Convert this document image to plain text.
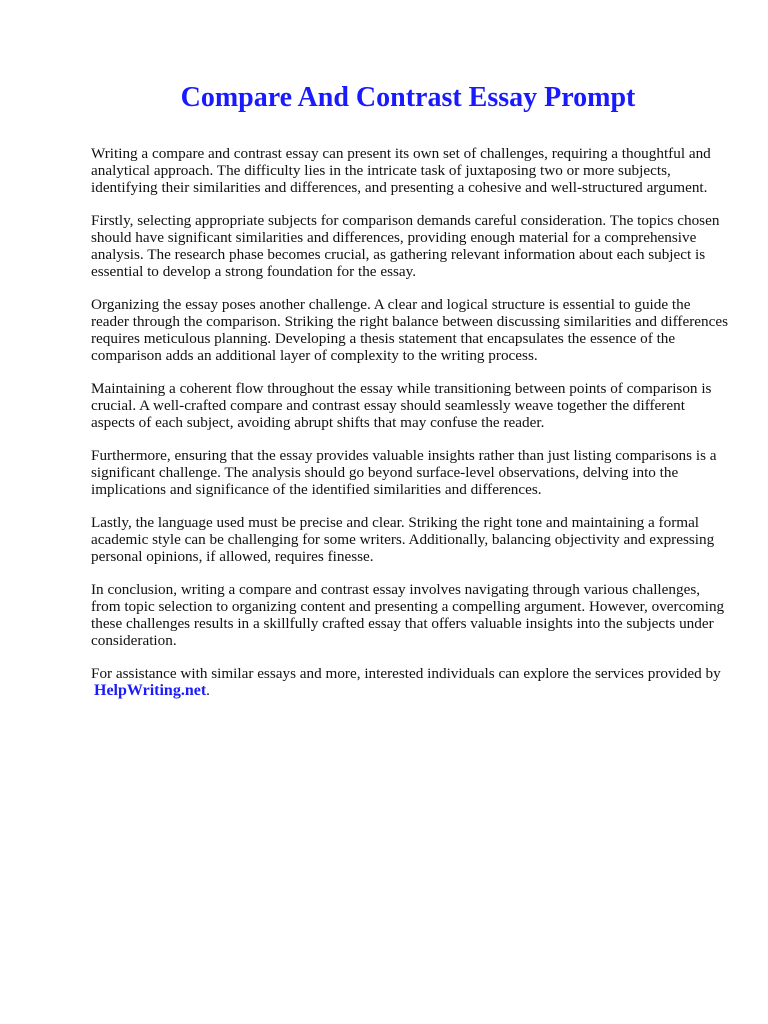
Compare And Contrast Essay Prompt

Writing a compare and contrast essay can present its own set of challenges, requiring a thoughtful and analytical approach. The difficulty lies in the intricate task of juxtaposing two or more subjects, identifying their similarities and differences, and presenting a cohesive and well-structured argument.

Firstly, selecting appropriate subjects for comparison demands careful consideration. The topics chosen should have significant similarities and differences, providing enough material for a comprehensive analysis. The research phase becomes crucial, as gathering relevant information about each subject is essential to develop a strong foundation for the essay.

Organizing the essay poses another challenge. A clear and logical structure is essential to guide the reader through the comparison. Striking the right balance between discussing similarities and differences requires meticulous planning. Developing a thesis statement that encapsulates the essence of the comparison adds an additional layer of complexity to the writing process.

Maintaining a coherent flow throughout the essay while transitioning between points of comparison is crucial. A well-crafted compare and contrast essay should seamlessly weave together the different aspects of each subject, avoiding abrupt shifts that may confuse the reader.

Furthermore, ensuring that the essay provides valuable insights rather than just listing comparisons is a significant challenge. The analysis should go beyond surface-level observations, delving into the implications and significance of the identified similarities and differences.

Lastly, the language used must be precise and clear. Striking the right tone and maintaining a formal academic style can be challenging for some writers. Additionally, balancing objectivity and expressing personal opinions, if allowed, requires finesse.

In conclusion, writing a compare and contrast essay involves navigating through various challenges, from topic selection to organizing content and presenting a compelling argument. However, overcoming these challenges results in a skillfully crafted essay that offers valuable insights into the subjects under consideration.

For assistance with similar essays and more, interested individuals can explore the services provided by HelpWriting.net.
